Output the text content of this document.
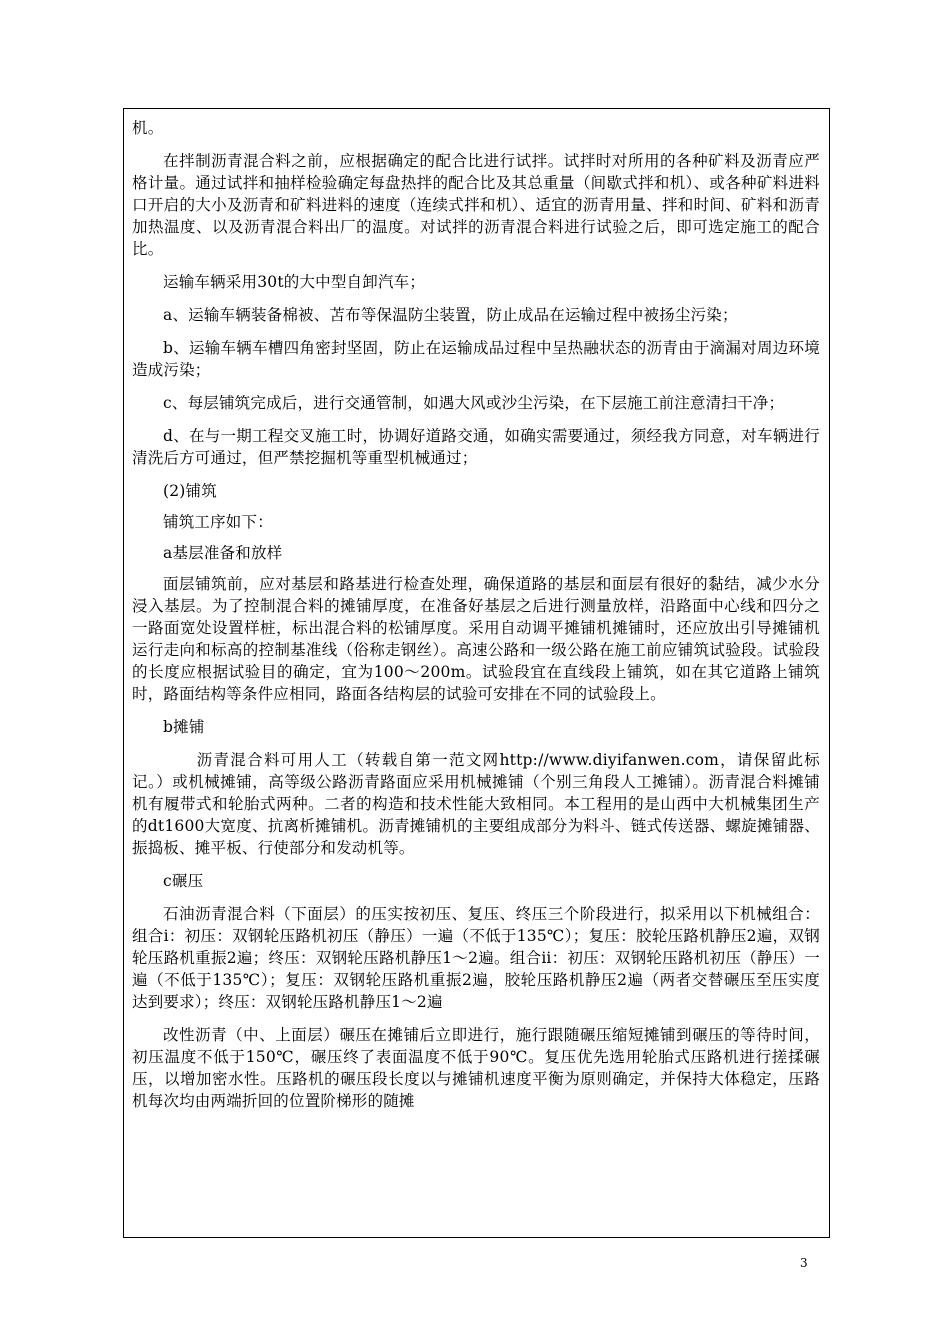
机。

在拌制沥青混合料之前，应根据确定的配合比进行试拌。试拌时对所用的各种矿料及沥青应严格计量。通过试拌和抽样检验确定每盘热拌的配合比及其总重量（间歇式拌和机）、或各种矿料进料口开启的大小及沥青和矿料进料的速度（连续式拌和机）、适宜的沥青用量、拌和时间、矿料和沥青加热温度、以及沥青混合料出厂的温度。对试拌的沥青混合料进行试验之后，即可选定施工的配合比。

运输车辆采用30t的大中型自卸汽车；

a、运输车辆装备棉被、苫布等保温防尘装置，防止成品在运输过程中被扬尘污染；

b、运输车辆车槽四角密封坚固，防止在运输成品过程中呈热融状态的沥青由于滴漏对周边环境造成污染；

c、每层铺筑完成后，进行交通管制，如遇大风或沙尘污染，在下层施工前注意清扫干净；

d、在与一期工程交叉施工时，协调好道路交通，如确实需要通过，须经我方同意，对车辆进行清洗后方可通过，但严禁挖掘机等重型机械通过；

(2)铺筑

铺筑工序如下：

a基层准备和放样

面层铺筑前，应对基层和路基进行检查处理，确保道路的基层和面层有很好的黏结，减少水分浸入基层。为了控制混合料的摊铺厚度，在准备好基层之后进行测量放样，沿路面中心线和四分之一路面宽处设置样桩，标出混合料的松铺厚度。采用自动调平摊铺机摊铺时，还应放出引导摊铺机运行走向和标高的控制基准线（俗称走钢丝）。高速公路和一级公路在施工前应铺筑试验段。试验段的长度应根据试验目的确定，宜为100～200m。试验段宜在直线段上铺筑，如在其它道路上铺筑时，路面结构等条件应相同，路面各结构层的试验可安排在不同的试验段上。

b摊铺

　　沥青混合料可用人工（转载自第一范文网http://www.diyifanwen.com，请保留此标记。）或机械摊铺，高等级公路沥青路面应采用机械摊铺（个别三角段人工摊铺）。沥青混合料摊铺机有履带式和轮胎式两种。二者的构造和技术性能大致相同。本工程用的是山西中大机械集团生产的dt1600大宽度、抗离析摊铺机。沥青摊铺机的主要组成部分为料斗、链式传送器、螺旋摊铺器、振捣板、摊平板、行使部分和发动机等。

c碾压

石油沥青混合料（下面层）的压实按初压、复压、终压三个阶段进行，拟采用以下机械组合：组合ⅰ：初压：双钢轮压路机初压（静压）一遍（不低于135℃）；复压：胶轮压路机静压2遍，双钢轮压路机重振2遍；终压：双钢轮压路机静压1～2遍。组合ⅱ：初压：双钢轮压路机初压（静压）一遍（不低于135℃）；复压：双钢轮压路机重振2遍，胶轮压路机静压2遍（两者交替碾压至压实度达到要求）；终压：双钢轮压路机静压1～2遍

改性沥青（中、上面层）碾压在摊铺后立即进行，施行跟随碾压缩短摊铺到碾压的等待时间，初压温度不低于150℃，碾压终了表面温度不低于90℃。复压优先选用轮胎式压路机进行搓揉碾压，以增加密水性。压路机的碾压段长度以与摊铺机速度平衡为原则确定，并保持大体稳定，压路机每次均由两端折回的位置阶梯形的随摊

3
